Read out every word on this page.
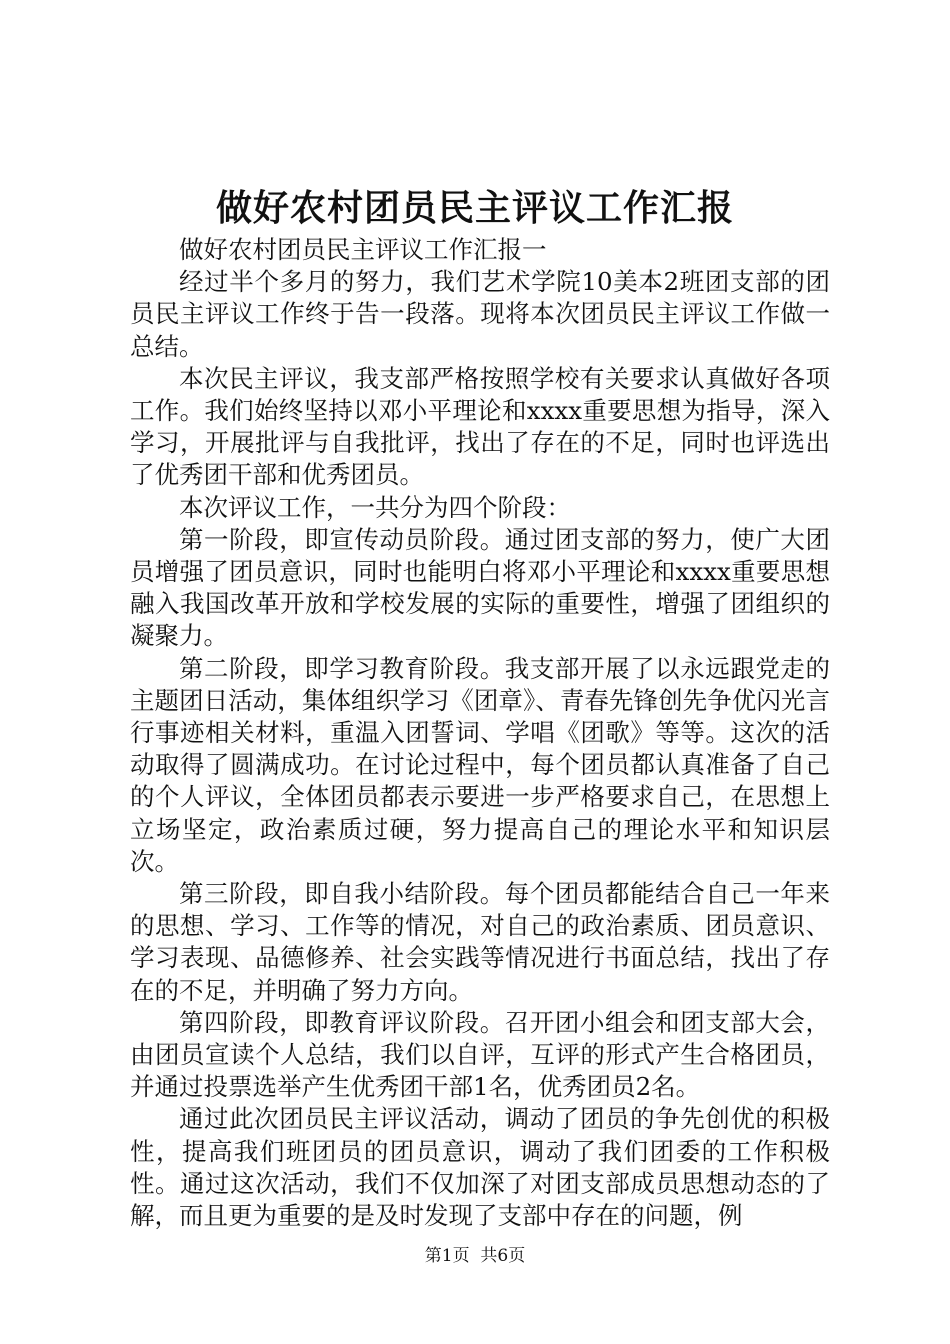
做好农村团员民主评议工作汇报

做好农村团员民主评议工作汇报一

经过半个多月的努力，我们艺术学院10美本2班团支部的团员民主评议工作终于告一段落。现将本次团员民主评议工作做一总结。

本次民主评议，我支部严格按照学校有关要求认真做好各项工作。我们始终坚持以邓小平理论和xxxx重要思想为指导，深入学习，开展批评与自我批评，找出了存在的不足，同时也评选出了优秀团干部和优秀团员。

本次评议工作，一共分为四个阶段：

第一阶段，即宣传动员阶段。通过团支部的努力，使广大团员增强了团员意识，同时也能明白将邓小平理论和xxxx重要思想融入我国改革开放和学校发展的实际的重要性，增强了团组织的凝聚力。

第二阶段，即学习教育阶段。我支部开展了以永远跟党走的主题团日活动，集体组织学习《团章》、青春先锋创先争优闪光言行事迹相关材料，重温入团誓词、学唱《团歌》等等。这次的活动取得了圆满成功。在讨论过程中，每个团员都认真准备了自己的个人评议，全体团员都表示要进一步严格要求自己，在思想上立场坚定，政治素质过硬，努力提高自己的理论水平和知识层次。

第三阶段，即自我小结阶段。每个团员都能结合自己一年来的思想、学习、工作等的情况，对自己的政治素质、团员意识、学习表现、品德修养、社会实践等情况进行书面总结，找出了存在的不足，并明确了努力方向。

第四阶段，即教育评议阶段。召开团小组会和团支部大会，由团员宣读个人总结，我们以自评，互评的形式产生合格团员，并通过投票选举产生优秀团干部1名，优秀团员2名。

通过此次团员民主评议活动，调动了团员的争先创优的积极性，提高我们班团员的团员意识，调动了我们团委的工作积极性。通过这次活动，我们不仅加深了对团支部成员思想动态的了解，而且更为重要的是及时发现了支部中存在的问题，例

第1页  共6页
